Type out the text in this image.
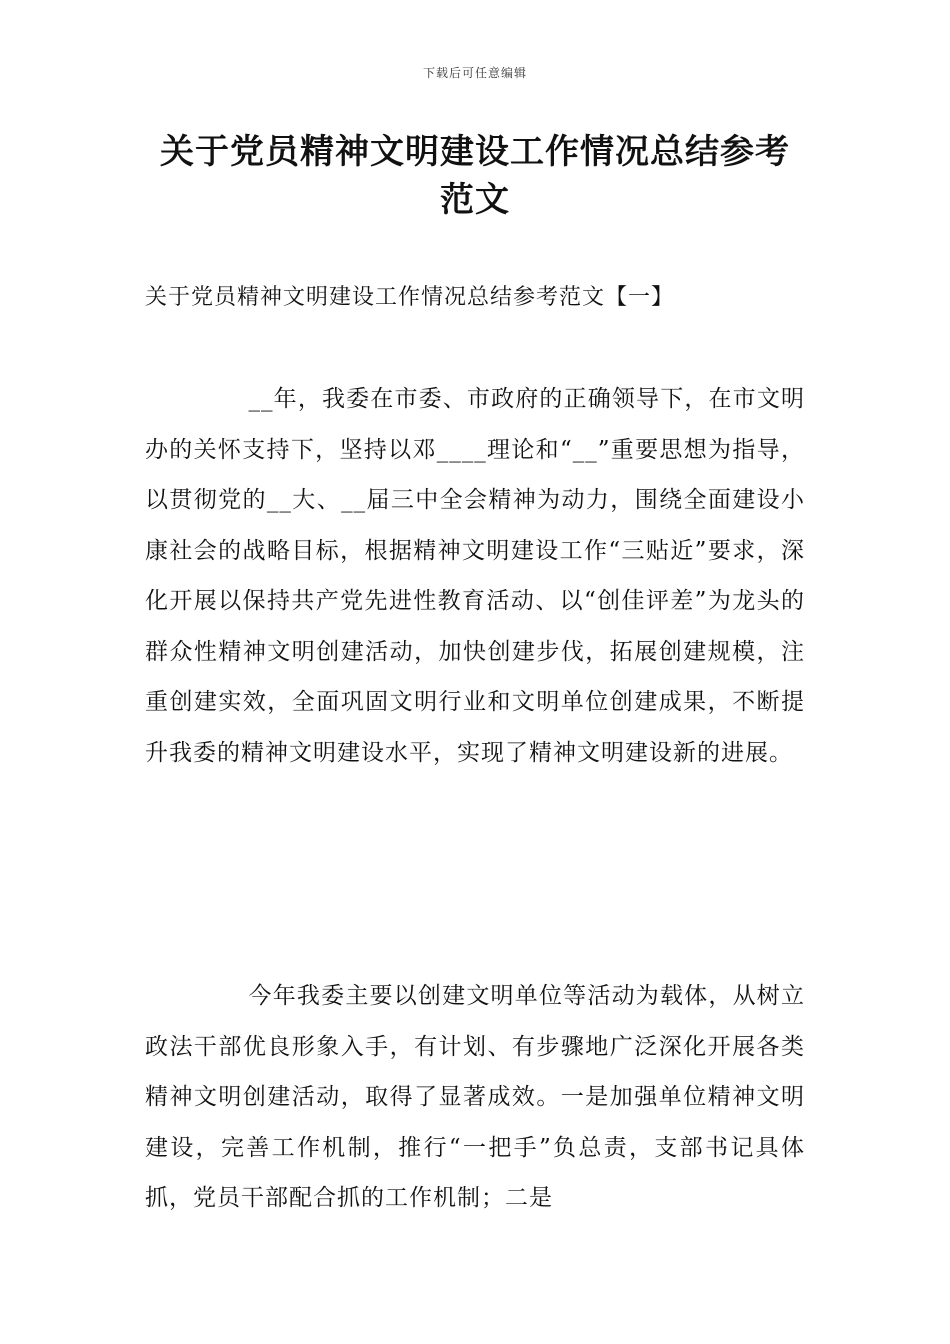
下载后可任意编辑
关于党员精神文明建设工作情况总结参考范文
关于党员精神文明建设工作情况总结参考范文【一】

__年，我委在市委、市政府的正确领导下，在市文明办的关怀支持下，坚持以邓____理论和“__”重要思想为指导，以贯彻党的__大、__届三中全会精神为动力，围绕全面建设小康社会的战略目标，根据精神文明建设工作“三贴近”要求，深化开展以保持共产党先进性教育活动、以“创佳评差”为龙头的群众性精神文明创建活动，加快创建步伐，拓展创建规模，注重创建实效，全面巩固文明行业和文明单位创建成果，不断提升我委的精神文明建设水平，实现了精神文明建设新的进展。

今年我委主要以创建文明单位等活动为载体，从树立政法干部优良形象入手，有计划、有步骤地广泛深化开展各类精神文明创建活动，取得了显著成效。一是加强单位精神文明建设，完善工作机制，推行“一把手”负总责，支部书记具体抓，党员干部配合抓的工作机制；二是
